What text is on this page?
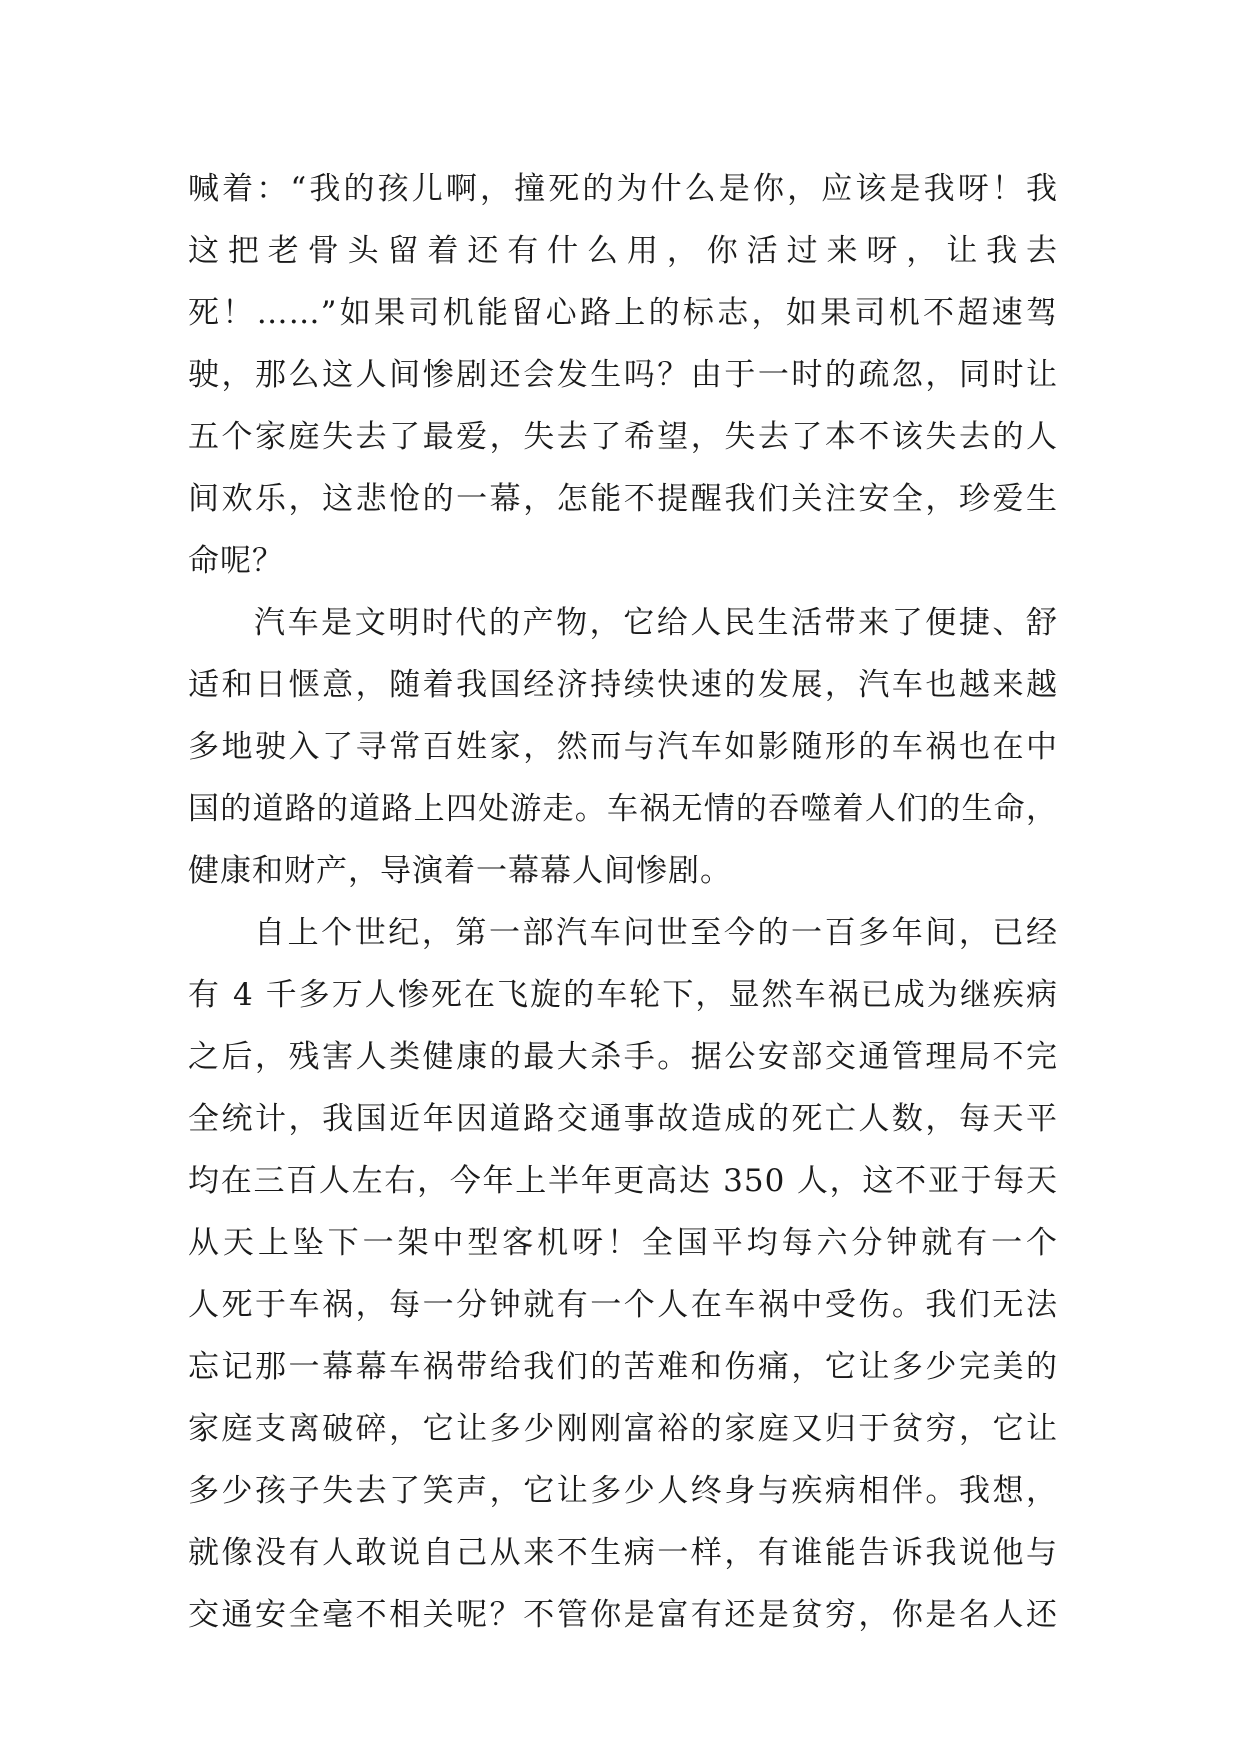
喊着：“我的孩儿啊，撞死的为什么是你，应该是我呀！我
这把老骨头留着还有什么用，你活过来呀，让我去
死！……”如果司机能留心路上的标志，如果司机不超速驾
驶，那么这人间惨剧还会发生吗？由于一时的疏忽，同时让
五个家庭失去了最爱，失去了希望，失去了本不该失去的人
间欢乐，这悲怆的一幕，怎能不提醒我们关注安全，珍爱生
命呢？
汽车是文明时代的产物，它给人民生活带来了便捷、舒
适和日惬意，随着我国经济持续快速的发展，汽车也越来越
多地驶入了寻常百姓家，然而与汽车如影随形的车祸也在中
国的道路的道路上四处游走。车祸无情的吞噬着人们的生命，
健康和财产，导演着一幕幕人间惨剧。
自上个世纪，第一部汽车问世至今的一百多年间，已经
有 4 千多万人惨死在飞旋的车轮下，显然车祸已成为继疾病
之后，残害人类健康的最大杀手。据公安部交通管理局不完
全统计，我国近年因道路交通事故造成的死亡人数，每天平
均在三百人左右，今年上半年更高达 350 人，这不亚于每天
从天上坠下一架中型客机呀！全国平均每六分钟就有一个
人死于车祸，每一分钟就有一个人在车祸中受伤。我们无法
忘记那一幕幕车祸带给我们的苦难和伤痛，它让多少完美的
家庭支离破碎，它让多少刚刚富裕的家庭又归于贫穷，它让
多少孩子失去了笑声，它让多少人终身与疾病相伴。我想，
就像没有人敢说自己从来不生病一样，有谁能告诉我说他与
交通安全毫不相关呢？不管你是富有还是贫穷，你是名人还
